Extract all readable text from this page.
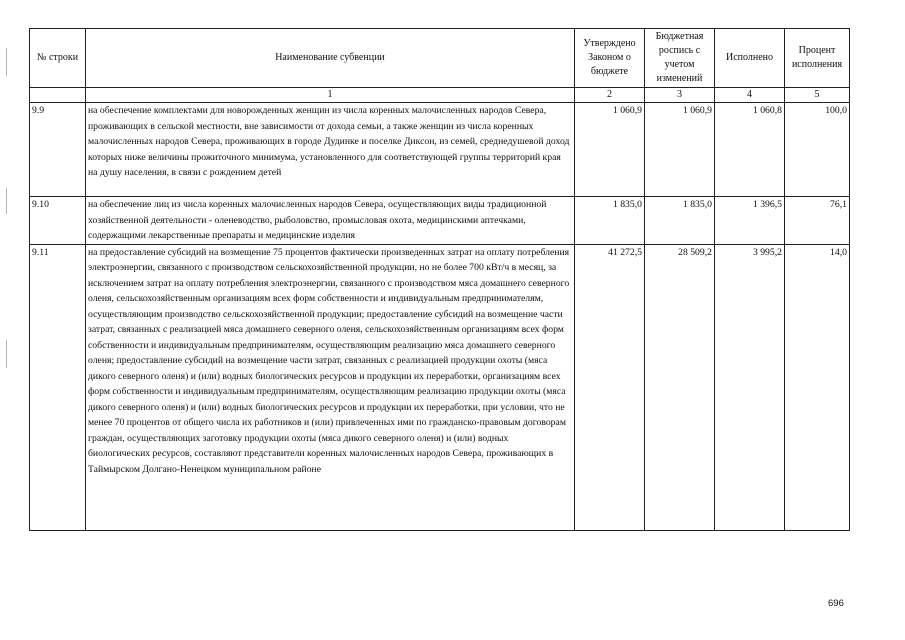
№ строки	Наименование субвенции	Утверждено Законом о бюджете	Бюджетная роспись с учетом изменений	Исполнено	Процент исполнения
	1	2	3	4	5
9.9	на обеспечение комплектами для новорожденных женщин из числа коренных малочисленных народов Севера, проживающих в сельской местности, вне зависимости от дохода семьи, а также женщин из числа коренных малочисленных народов Севера, проживающих в городе Дудинке и поселке Диксон, из семей, среднедушевой доход которых ниже величины прожиточного минимума, установленного для соответствующей группы территорий края на душу населения, в связи с рождением детей	1 060,9	1 060,9	1 060,8	100,0
9.10	на обеспечение лиц из числа коренных малочисленных народов Севера, осуществляющих виды традиционной хозяйственной деятельности - оленеводство, рыболовство, промысловая охота, медицинскими аптечками, содержащими лекарственные препараты и медицинские изделия	1 835,0	1 835,0	1 396,5	76,1
9.11	на предоставление субсидий на возмещение 75 процентов фактически произведенных затрат на оплату потребления электроэнергии, связанного с производством сельскохозяйственной продукции, но не более 700 кВт/ч в месяц, за исключением затрат на оплату потребления электроэнергии, связанного с производством мяса домашнего северного оленя, сельскохозяйственным организациям всех форм собственности и индивидуальным предпринимателям, осуществляющим производство сельскохозяйственной продукции; предоставление субсидий на возмещение части затрат, связанных с реализацией мяса домашнего северного оленя, сельскохозяйственным организациям всех форм собственности и индивидуальным предпринимателям, осуществляющим реализацию мяса домашнего северного оленя; предоставление субсидий на возмещение части затрат, связанных с реализацией продукции охоты (мяса дикого северного оленя) и (или) водных биологических ресурсов и продукции их переработки, организациям всех форм собственности и индивидуальным предпринимателям, осуществляющим реализацию продукции охоты (мяса дикого северного оленя) и (или) водных биологических ресурсов и продукции их переработки, при условии, что не менее 70 процентов от общего числа их работников и (или) привлеченных ими по гражданско-правовым договорам граждан, осуществляющих заготовку продукции охоты (мяса дикого северного оленя) и (или) водных биологических ресурсов, составляют представители коренных малочисленных народов Севера, проживающих в Таймырском Долгано-Ненецком муниципальном районе	41 272,5	28 509,2	3 995,2	14,0
696
